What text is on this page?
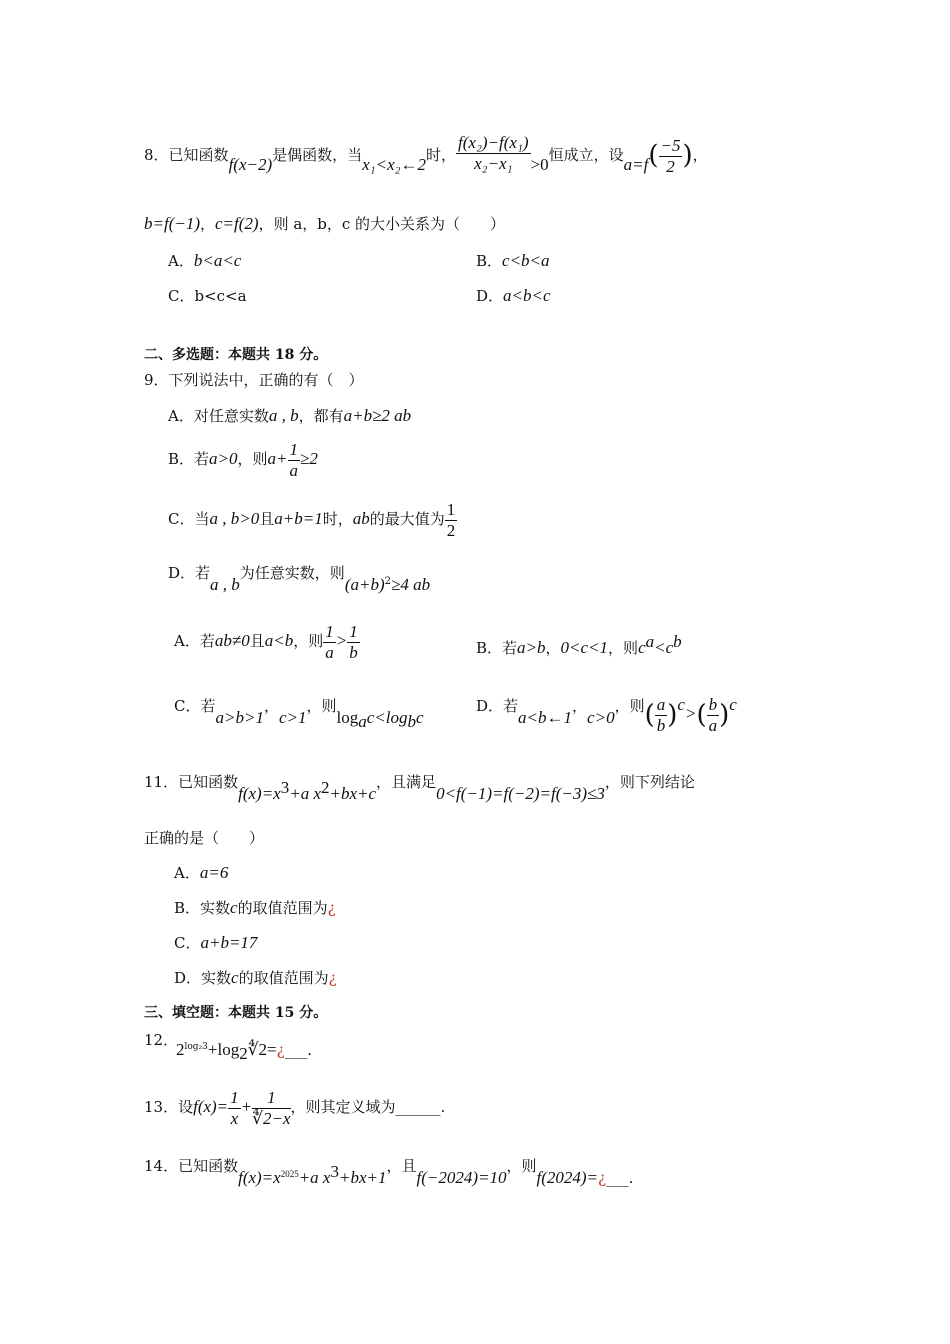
8．已知函数f(x−2)是偶函数，当x₁<x₂←2时， $\frac{\text{f(x₂)−f(x₁)}}{\text{x₂−x₁}} >0$恒成立，设$a=f( \frac{-5}{2}$ )，
b=f(−1)，c=f(2)，则 a，b，c 的大小关系为（　　）
A．b<a<c	B．c<b<a
C．b<c<a	D．a<b<c
二、多选题：本题共 18 分。
9．下列说法中，正确的有（　）
A．对任意实数a , b，都有a+b≥2 ab
B．若a>0，则$a+ \frac{1}{a} \ge 2$
C．当a , b>0且a+b=1时，ab的最大值为 $\frac{1}{2}$
D．若a , b为任意实数，则$(a+b)^2\ge 4$ ab
A．若ab≠0且a<b，则 $\frac{1}{a} > \frac{1}{b}$	B．若a>b，0<c<1，则$c^a<c^b$
C．若a>b>1，c>1，则$\log_ac<\log_bc$
D．若a<b←1，c>0，则( $\frac{a}{b} )^c>( \frac{b}{a} )^c$
11．已知函数$f(x)=x^3+a$ $x^2+bx+c$，且满足0<f(−1)=f(−2)=f(−3)≤3，则下列结论
正确的是（　　）
A．a=6
B．实数c的取值范围为¿
C．a+b=17
D．实数c的取值范围为¿
三、填空题：本题共 15 分。
12．
$2^{log_23}+\log_2∜2=¿\_\_\_$.
13．设$f(x)= \frac{1}{x} + \frac{1}{∜2-x}$ ，则其定义域为______.
14．已知函数$f(x)=x^{2025}+a$ $x^3+bx+1$，且f(−2024)=10，则f(2024)=¿___.
